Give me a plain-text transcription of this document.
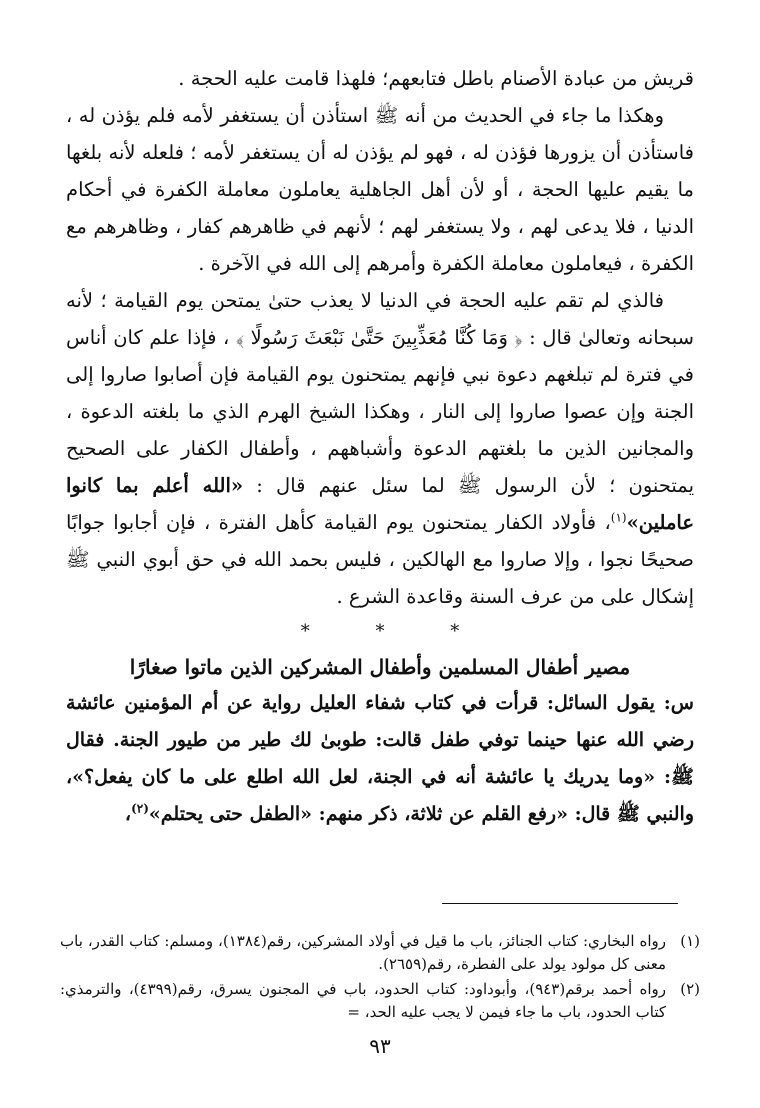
قريش من عبادة الأصنام باطل فتابعهم؛ فلهذا قامت عليه الحجة .

وهكذا ما جاء في الحديث من أنه ﷺ استأذن أن يستغفر لأمه فلم يؤذن له ، فاستأذن أن يزورها فؤذن له ، فهو لم يؤذن له أن يستغفر لأمه ؛ فلعله لأنه بلغها ما يقيم عليها الحجة ، أو لأن أهل الجاهلية يعاملون معاملة الكفرة في أحكام الدنيا ، فلا يدعى لهم ، ولا يستغفر لهم ؛ لأنهم في ظاهرهم كفار ، وظاهرهم مع الكفرة ، فيعاملون معاملة الكفرة وأمرهم إلى الله في الآخرة .

فالذي لم تقم عليه الحجة في الدنيا لا يعذب حتىٰ يمتحن يوم القيامة ؛ لأنه سبحانه وتعالىٰ قال : ﴿ وَمَا كُنَّا مُعَذِّبِينَ حَتَّىٰ نَبْعَثَ رَسُولًا ﴾ ، فإذا علم كان أناس في فترة لم تبلغهم دعوة نبي فإنهم يمتحنون يوم القيامة فإن أصابوا صاروا إلى الجنة وإن عصوا صاروا إلى النار ، وهكذا الشيخ الهرم الذي ما بلغته الدعوة ، والمجانين الذين ما بلغتهم الدعوة وأشباههم ، وأطفال الكفار على الصحيح يمتحنون ؛ لأن الرسول ﷺ لما سئل عنهم قال : «الله أعلم بما كانوا عاملين»$^{(١)}$، فأولاد الكفار يمتحنون يوم القيامة كأهل الفترة ، فإن أجابوا جوابًا صحيحًا نجوا ، وإلا صاروا مع الهالكين ، فليس بحمد الله في حق أبوي النبي ﷺ إشكال على من عرف السنة وقاعدة الشرع .

*	*	*

مصير أطفال المسلمين وأطفال المشركين الذين ماتوا صغارًا

س: يقول السائل: قرأت في كتاب شفاء العليل رواية عن أم المؤمنين عائشة رضي الله عنها حينما توفي طفل قالت: طوبىٰ لك طير من طيور الجنة. فقال ﷺ: «وما يدريك يا عائشة أنه في الجنة، لعل الله اطلع على ما كان يفعل؟»، والنبي ﷺ قال: «رفع القلم عن ثلاثة، ذكر منهم: «الطفل حتى يحتلم»$^{(٢)}$،

(١)
رواه البخاري: كتاب الجنائز، باب ما قيل في أولاد المشركين، رقم(١٣٨٤)، ومسلم: كتاب القدر، باب معنى كل مولود يولد على الفطرة، رقم(٢٦٥٩).

(٢)
رواه أحمد برقم(٩٤٣)، وأبوداود: كتاب الحدود، باب في المجنون يسرق، رقم(٤٣٩٩)، والترمذي: كتاب الحدود، باب ما جاء فيمن لا يجب عليه الحد، =

٩٣
